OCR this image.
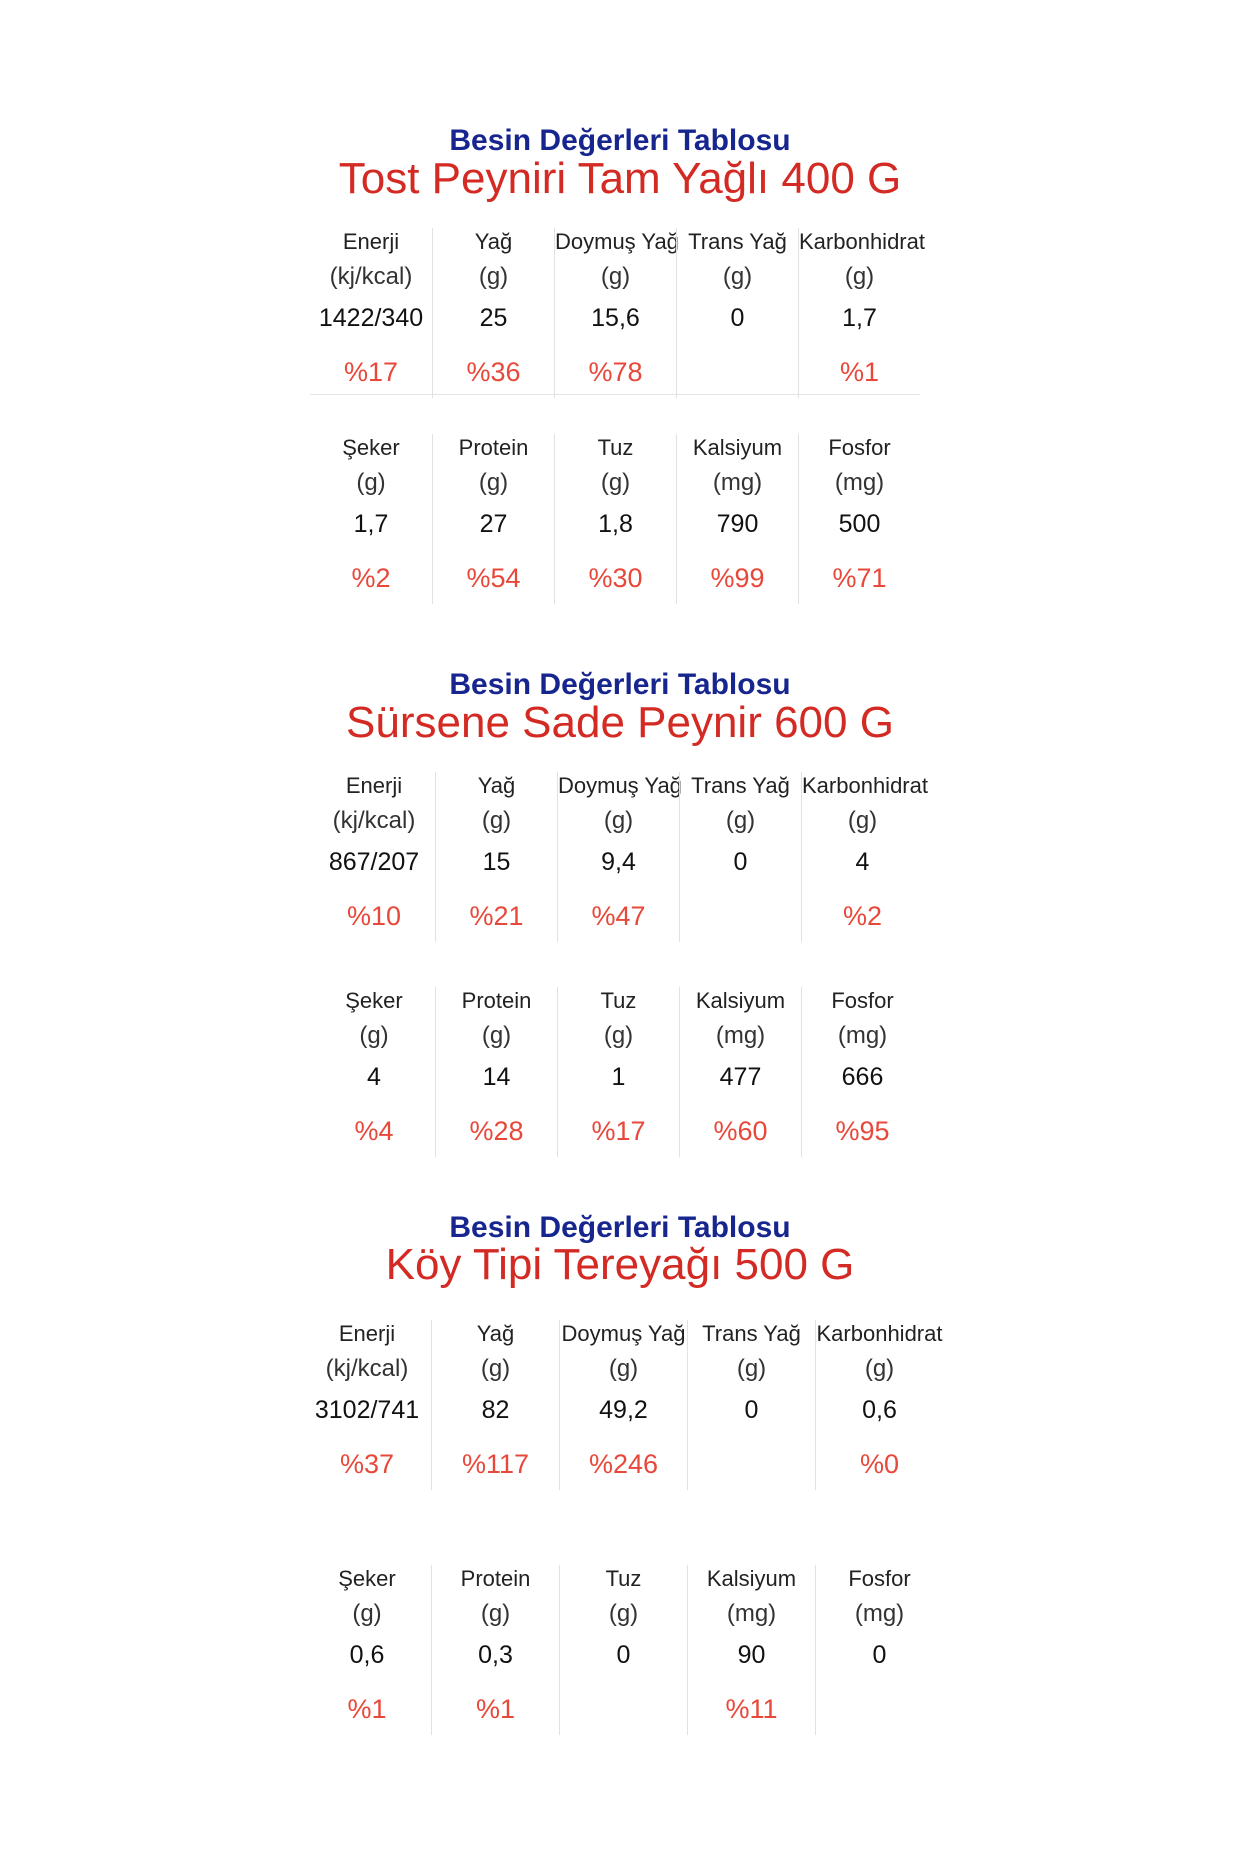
Besin Değerleri Tablosu
Tost Peyniri Tam Yağlı 400 G
Enerji
(kj/kcal)
1422/340
%17
Yağ
(g)
25
%36
Doymuş Yağ
(g)
15,6
%78
Trans Yağ
(g)
0
Karbonhidrat
(g)
1,7
%1
Şeker
(g)
1,7
%2
Protein
(g)
27
%54
Tuz
(g)
1,8
%30
Kalsiyum
(mg)
790
%99
Fosfor
(mg)
500
%71
Besin Değerleri Tablosu
Sürsene Sade Peynir 600 G
Enerji
(kj/kcal)
867/207
%10
Yağ
(g)
15
%21
Doymuş Yağ
(g)
9,4
%47
Trans Yağ
(g)
0
Karbonhidrat
(g)
4
%2
Şeker
(g)
4
%4
Protein
(g)
14
%28
Tuz
(g)
1
%17
Kalsiyum
(mg)
477
%60
Fosfor
(mg)
666
%95
Besin Değerleri Tablosu
Köy Tipi Tereyağı 500 G
Enerji
(kj/kcal)
3102/741
%37
Yağ
(g)
82
%117
Doymuş Yağ
(g)
49,2
%246
Trans Yağ
(g)
0
Karbonhidrat
(g)
0,6
%0
Şeker
(g)
0,6
%1
Protein
(g)
0,3
%1
Tuz
(g)
0
Kalsiyum
(mg)
90
%11
Fosfor
(mg)
0
